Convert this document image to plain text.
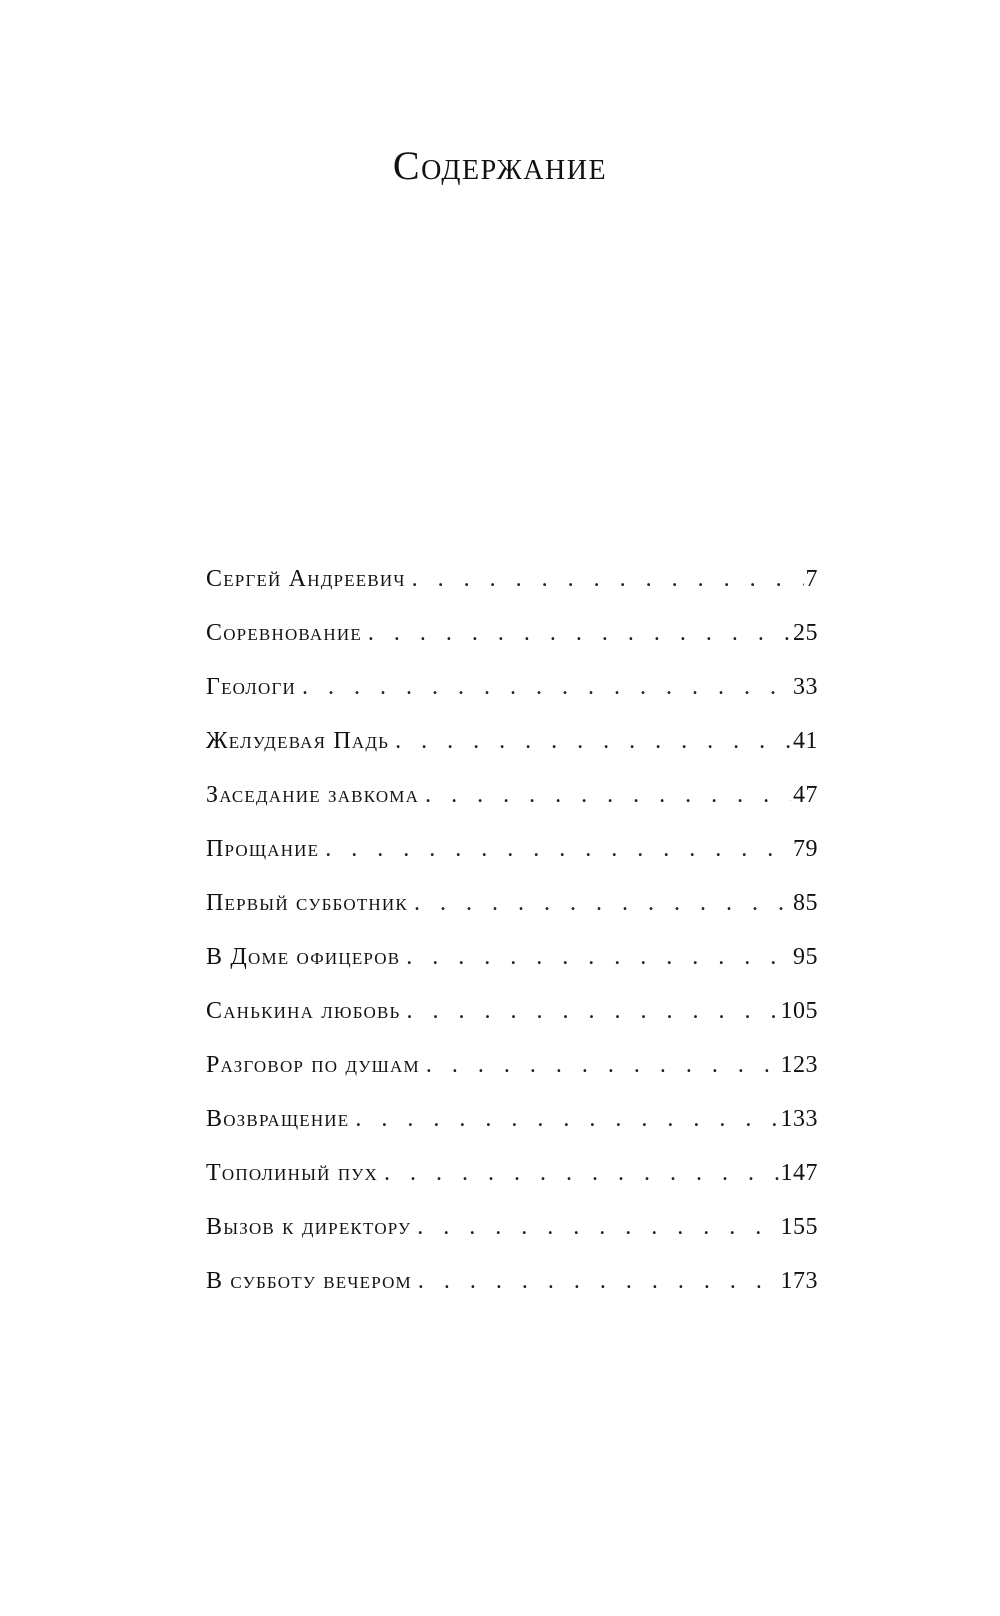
Содержание
Сергей Андреевич . . .	7
Соревнование . . .	25
Геологи . . .	33
Желудевая Падь . . .	41
Заседание завкома . . .	47
Прощание . . .	79
Первый субботник . . .	85
В Доме офицеров . . .	95
Санькина любовь . . .	105
Разговор по душам . . .	123
Возвращение . . .	133
Тополиный пух . . .	147
Вызов к директору . . .	155
В субботу вечером . . .	173
